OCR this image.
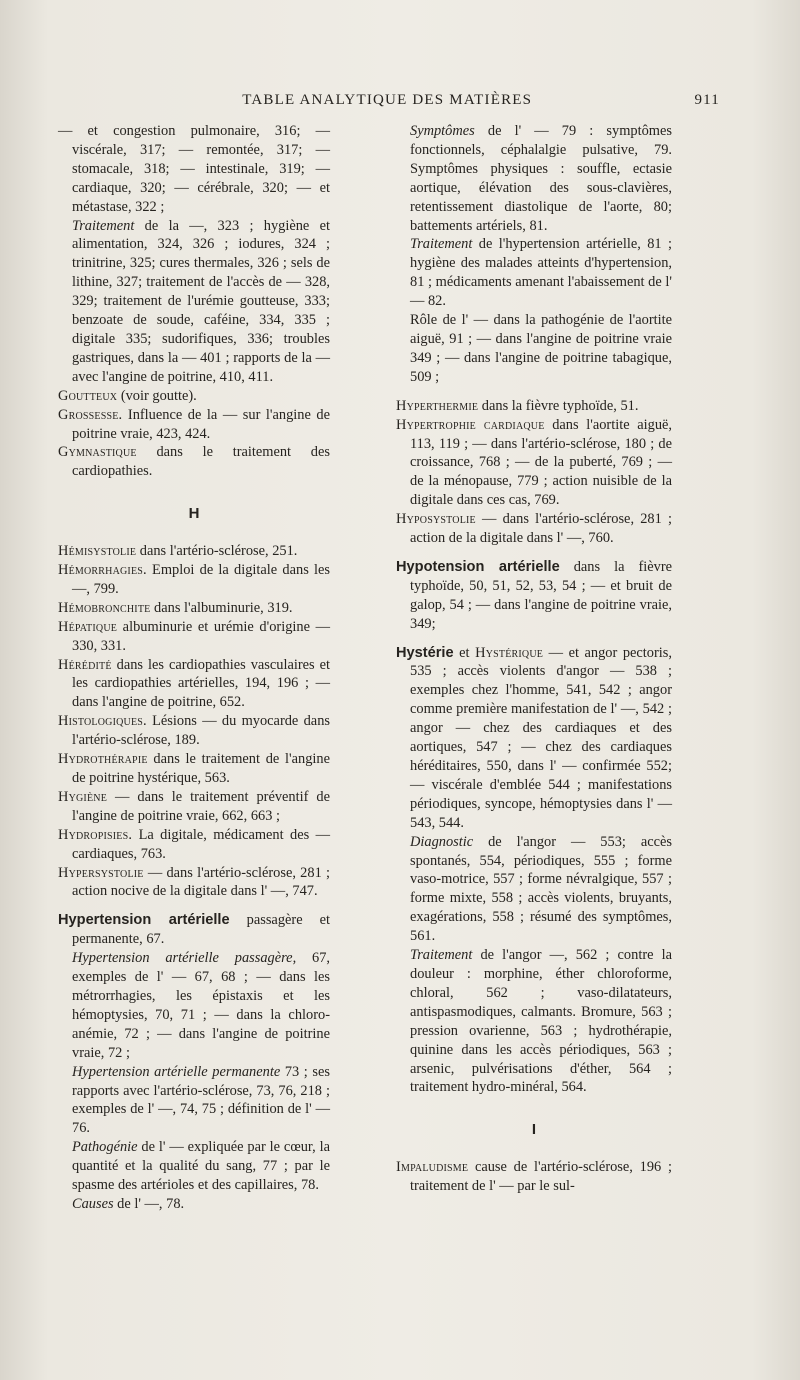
TABLE ANALYTIQUE DES MATIÈRES	911

— et congestion pulmonaire, 316; — viscérale, 317; — remontée, 317; — stomacale, 318; — intestinale, 319; — cardiaque, 320; — cérébrale, 320; — et métastase, 322 ;

Traitement de la —, 323 ; hygiène et alimentation, 324, 326 ; iodures, 324 ; trinitrine, 325; cures thermales, 326 ; sels de lithine, 327; traitement de l'accès de — 328, 329; traitement de l'urémie goutteuse, 333; benzoate de soude, caféine, 334, 335 ; digitale 335; sudorifiques, 336; troubles gastriques, dans la — 401 ; rapports de la — avec l'angine de poitrine, 410, 411.

Goutteux (voir goutte).

Grossesse. Influence de la — sur l'angine de poitrine vraie, 423, 424.

Gymnastique dans le traitement des cardiopathies.

H

Hémisystolie dans l'artério-sclérose, 251.

Hémorrhagies. Emploi de la digitale dans les —, 799.

Hémobronchite dans l'albuminurie, 319.

Hépatique albuminurie et urémie d'origine — 330, 331.

Hérédité dans les cardiopathies vasculaires et les cardiopathies artérielles, 194, 196 ; — dans l'angine de poitrine, 652.

Histologiques. Lésions — du myocarde dans l'artério-sclérose, 189.

Hydrothérapie dans le traitement de l'angine de poitrine hystérique, 563.

Hygiène — dans le traitement préventif de l'angine de poitrine vraie, 662, 663 ;

Hydropisies. La digitale, médicament des — cardiaques, 763.

Hypersystolie — dans l'artério-sclérose, 281 ; action nocive de la digitale dans l' —, 747.

Hypertension artérielle passagère et permanente, 67.

Hypertension artérielle passagère, 67, exemples de l' — 67, 68 ; — dans les métrorrhagies, les épistaxis et les hémoptysies, 70, 71 ; — dans la chloro-anémie, 72 ; — dans l'angine de poitrine vraie, 72 ;

Hypertension artérielle permanente 73 ; ses rapports avec l'artério-sclérose, 73, 76, 218 ; exemples de l' —, 74, 75 ; définition de l' — 76.

Pathogénie de l' — expliquée par le cœur, la quantité et la qualité du sang, 77 ; par le spasme des artérioles et des capillaires, 78.

Causes de l' —, 78.

Symptômes de l' — 79 : symptômes fonctionnels, céphalalgie pulsative, 79. Symptômes physiques : souffle, ectasie aortique, élévation des sous-clavières, retentissement diastolique de l'aorte, 80; battements artériels, 81.

Traitement de l'hypertension artérielle, 81 ; hygiène des malades atteints d'hypertension, 81 ; médicaments amenant l'abaissement de l' — 82.

Rôle de l' — dans la pathogénie de l'aortite aiguë, 91 ; — dans l'angine de poitrine vraie 349 ; — dans l'angine de poitrine tabagique, 509 ;

Hyperthermie dans la fièvre typhoïde, 51.

Hypertrophie cardiaque dans l'aortite aiguë, 113, 119 ; — dans l'artério-sclérose, 180 ; de croissance, 768 ; — de la puberté, 769 ; — de la ménopause, 779 ; action nuisible de la digitale dans ces cas, 769.

Hyposystolie — dans l'artério-sclérose, 281 ; action de la digitale dans l' —, 760.

Hypotension artérielle dans la fièvre typhoïde, 50, 51, 52, 53, 54 ; — et bruit de galop, 54 ; — dans l'angine de poitrine vraie, 349;

Hystérie et Hystérique — et angor pectoris, 535 ; accès violents d'angor — 538 ; exemples chez l'homme, 541, 542 ; angor comme première manifestation de l' —, 542 ; angor — chez des cardiaques et des aortiques, 547 ; — chez des cardiaques héréditaires, 550, dans l' — confirmée 552; — viscérale d'emblée 544 ; manifestations périodiques, syncope, hémoptysies dans l' — 543, 544.

Diagnostic de l'angor — 553; accès spontanés, 554, périodiques, 555 ; forme vaso-motrice, 557 ; forme névralgique, 557 ; forme mixte, 558 ; accès violents, bruyants, exagérations, 558 ; résumé des symptômes, 561.

Traitement de l'angor —, 562 ; contre la douleur : morphine, éther chloroforme, chloral, 562 ; vaso-dilatateurs, antispasmodiques, calmants. Bromure, 563 ; pression ovarienne, 563 ; hydrothérapie, quinine dans les accès périodiques, 563 ; arsenic, pulvérisations d'éther, 564 ; traitement hydro-minéral, 564.

I

Impaludisme cause de l'artério-sclérose, 196 ; traitement de l' — par le sul-
